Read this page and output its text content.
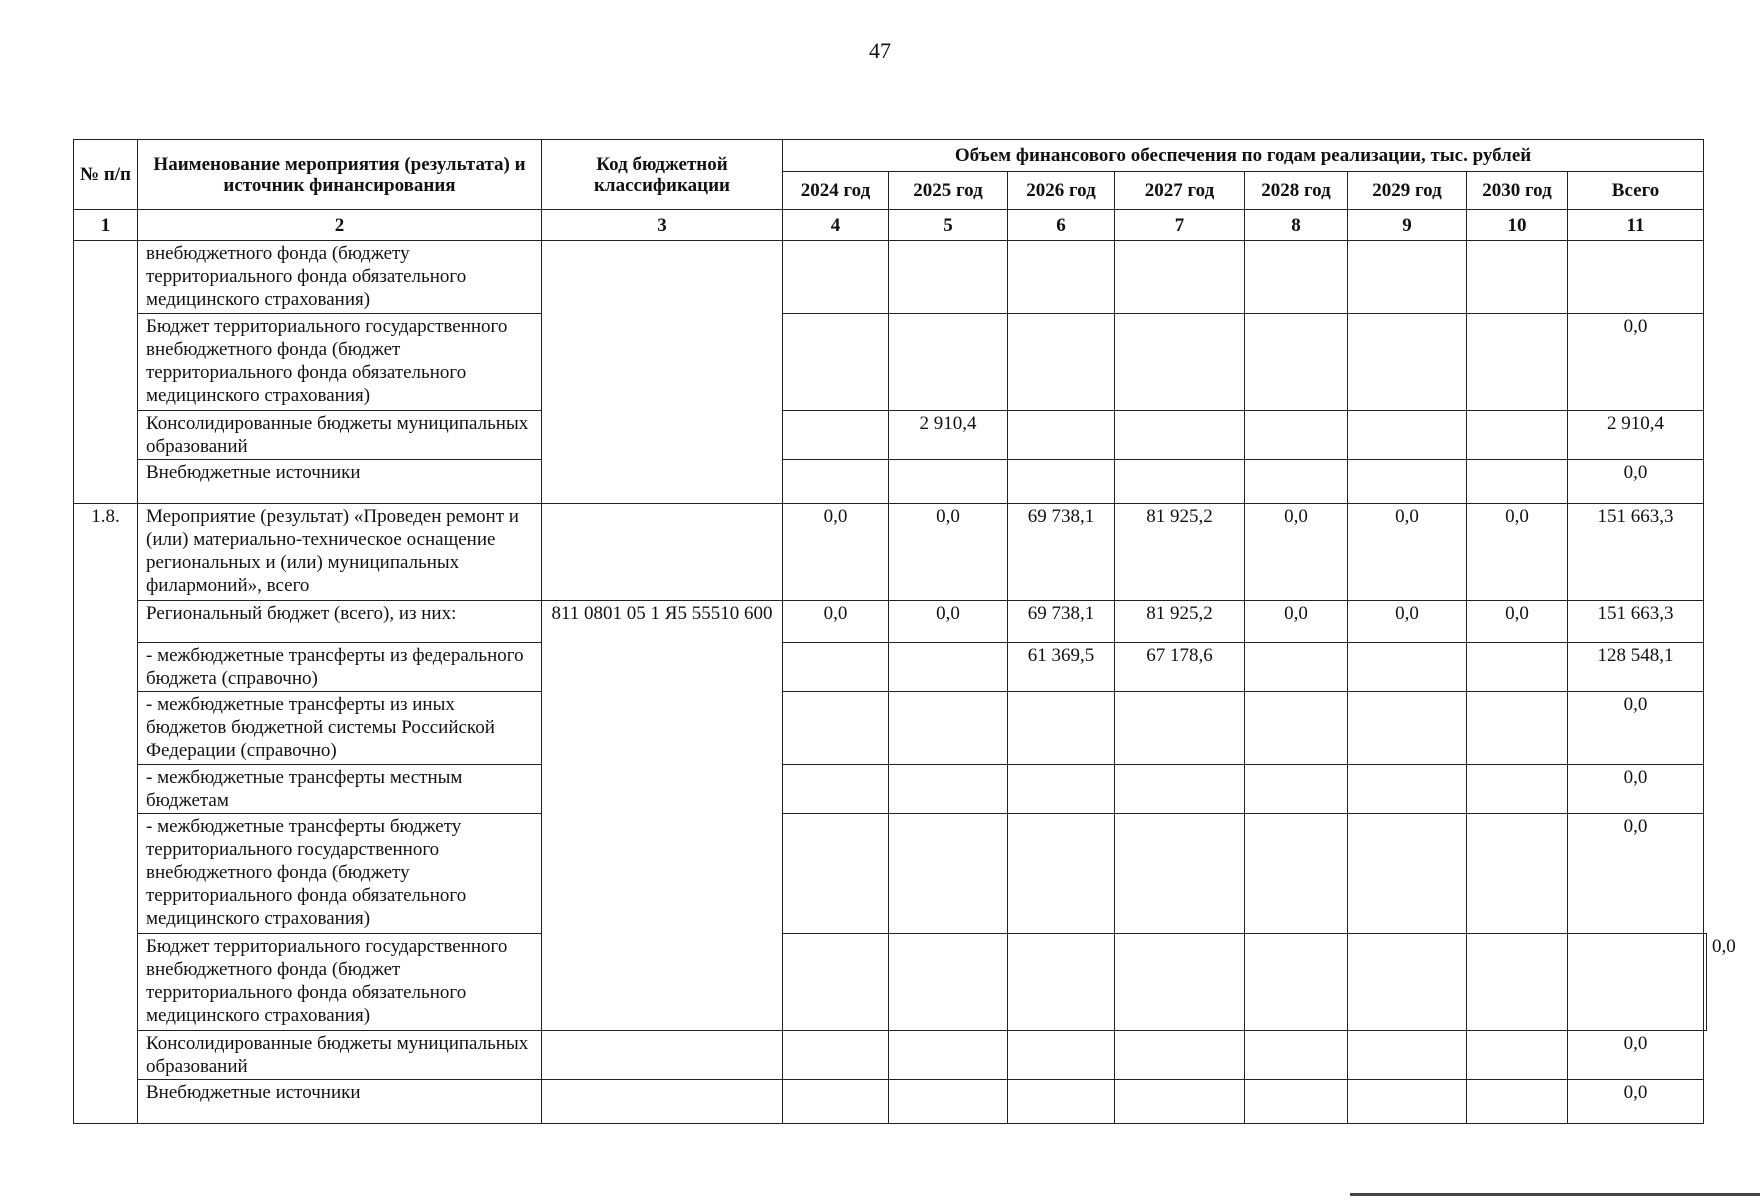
47
№ п/п	Наименование мероприятия (результата) и источник финансирования	Код бюджетной классификации	Объем финансового обеспечения по годам реализации, тыс. рублей								
			2024 год	2025 год	2026 год	2027 год	2028 год	2029 год	2030 год	Всего	
1	2	3	4	5	6	7	8	9	10	11	
	внебюджетного фонда (бюджету территориального фонда обязательного медицинского страхования)										
	Бюджет территориального государственного внебюджетного фонда (бюджет территориального фонда обязательного медицинского страхования)									0,0	
	Консолидированные бюджеты муниципальных образований			2 910,4						2 910,4	
	Внебюджетные источники									0,0	
1.8.	Мероприятие (результат) «Проведен ремонт и (или) материально-техническое оснащение региональных и (или) муниципальных филармоний», всего		0,0	0,0	69 738,1	81 925,2	0,0	0,0	0,0	151 663,3	
	Региональный бюджет (всего), из них:	811 0801 05 1 Я5 55510 600	0,0	0,0	69 738,1	81 925,2	0,0	0,0	0,0	151 663,3	
	- межбюджетные трансферты из федерального бюджета (справочно)				61 369,5	67 178,6				128 548,1	
	- межбюджетные трансферты из иных бюджетов бюджетной системы Российской Федерации (справочно)									0,0	
	- межбюджетные трансферты местным бюджетам									0,0	
	- межбюджетные трансферты бюджету территориального государственного внебюджетного фонда (бюджету территориального фонда обязательного медицинского страхования)									0,0	
	Бюджет территориального государственного внебюджетного фонда (бюджет территориального фонда обязательного медицинского страхования)										0,0
	Консолидированные бюджеты муниципальных образований									0,0	
	Внебюджетные источники									0,0	
